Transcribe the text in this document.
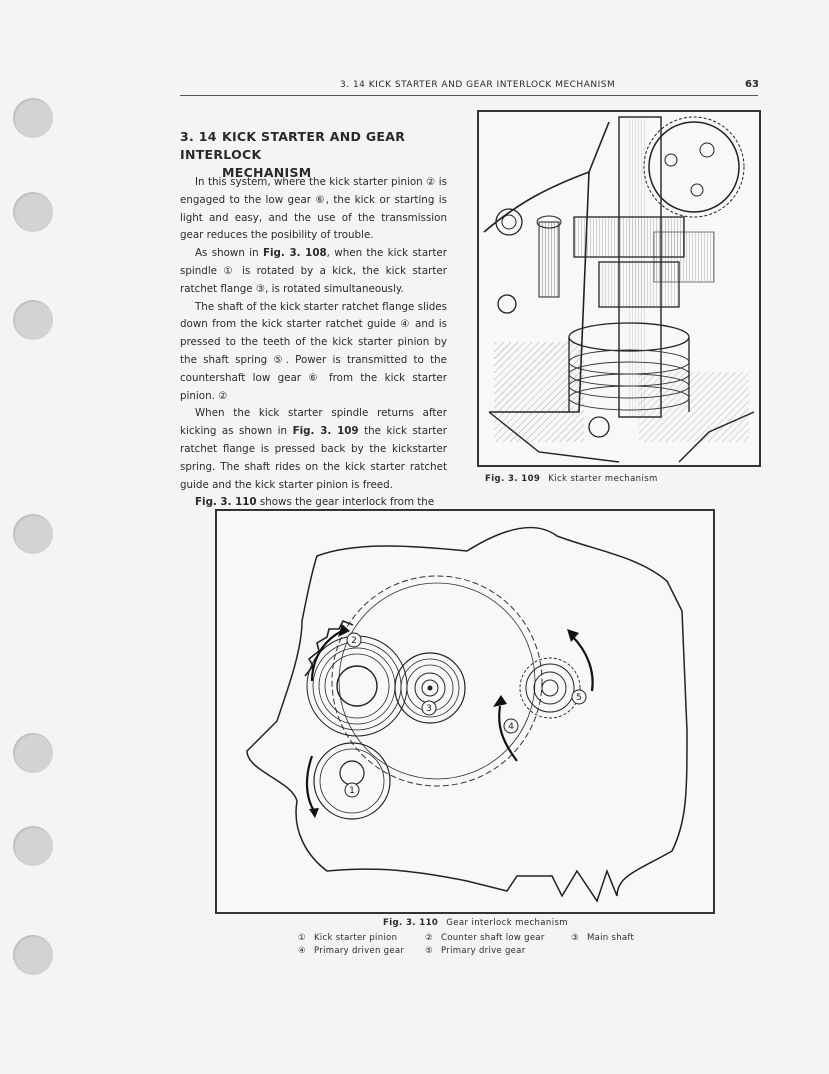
3. 14 KICK STARTER AND GEAR INTERLOCK MECHANISM	63
3. 14 KICK STARTER AND GEAR INTERLOCK
MECHANISM

In this system, where the kick starter pinion ② is engaged to the low gear ⑥, the kick or starting is light and easy, and the use of the transmission gear reduces the posibility of trouble.

As shown in Fig. 3. 108, when the kick starter spindle ① is rotated by a kick, the kick starter ratchet flange ③, is rotated simultaneously.

The shaft of the kick starter ratchet flange slides down from the kick starter ratchet guide ④ and is pressed to the teeth of the kick starter pinion by the shaft spring ⑤. Power is transmitted to the countershaft low gear ⑥ from the kick starter pinion. ②

When the kick starter spindle returns after kicking as shown in Fig. 3. 109 the kick starter ratchet flange is pressed back by the kickstarter spring. The shaft rides on the kick starter ratchet guide and the kick starter pinion is freed.

Fig. 3. 110 shows the gear interlock from the

Fig. 3. 109 Kick starter mechanism
1
2
3
4
5
Fig. 3. 110 Gear interlock mechanism
① Kick starter pinion	② Counter shaft low gear	③ Main shaft
④ Primary driven gear ⑤ Primary drive gear
